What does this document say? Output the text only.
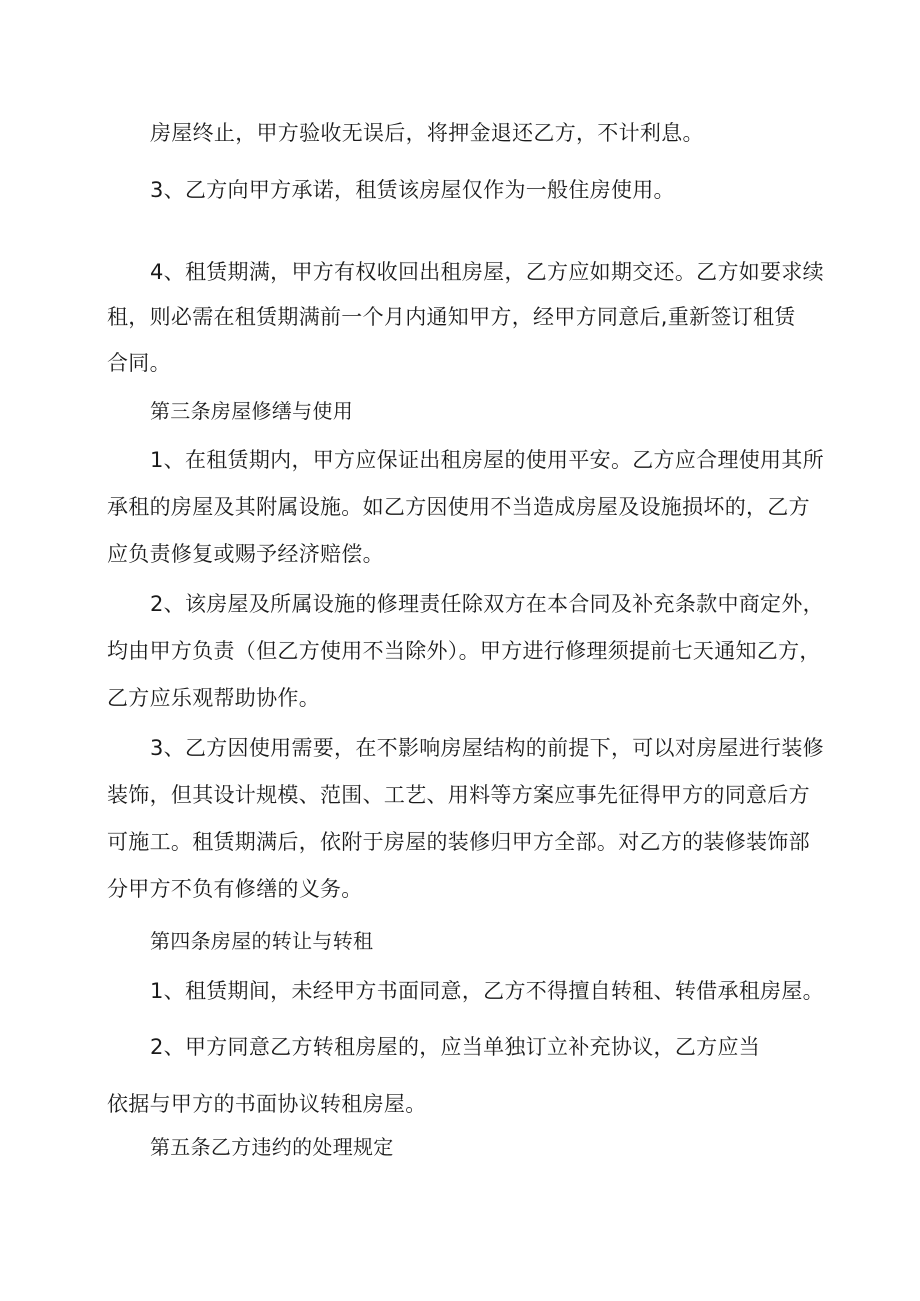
房屋终止，甲方验收无误后，将押金退还乙方，不计利息。
3、乙方向甲方承诺，租赁该房屋仅作为一般住房使用。
4、租赁期满，甲方有权收回出租房屋，乙方应如期交还。乙方如要求续
租，则必需在租赁期满前一个月内通知甲方，经甲方同意后,重新签订租赁
合同。
第三条房屋修缮与使用
1、在租赁期内，甲方应保证出租房屋的使用平安。乙方应合理使用其所
承租的房屋及其附属设施。如乙方因使用不当造成房屋及设施损坏的，乙方
应负责修复或赐予经济赔偿。
2、该房屋及所属设施的修理责任除双方在本合同及补充条款中商定外，
均由甲方负责（但乙方使用不当除外）。甲方进行修理须提前七天通知乙方，
乙方应乐观帮助协作。
3、乙方因使用需要，在不影响房屋结构的前提下，可以对房屋进行装修
装饰，但其设计规模、范围、工艺、用料等方案应事先征得甲方的同意后方
可施工。租赁期满后，依附于房屋的装修归甲方全部。对乙方的装修装饰部
分甲方不负有修缮的义务。
第四条房屋的转让与转租
1、租赁期间，未经甲方书面同意，乙方不得擅自转租、转借承租房屋。
2、甲方同意乙方转租房屋的，应当单独订立补充协议，乙方应当
依据与甲方的书面协议转租房屋。
第五条乙方违约的处理规定
